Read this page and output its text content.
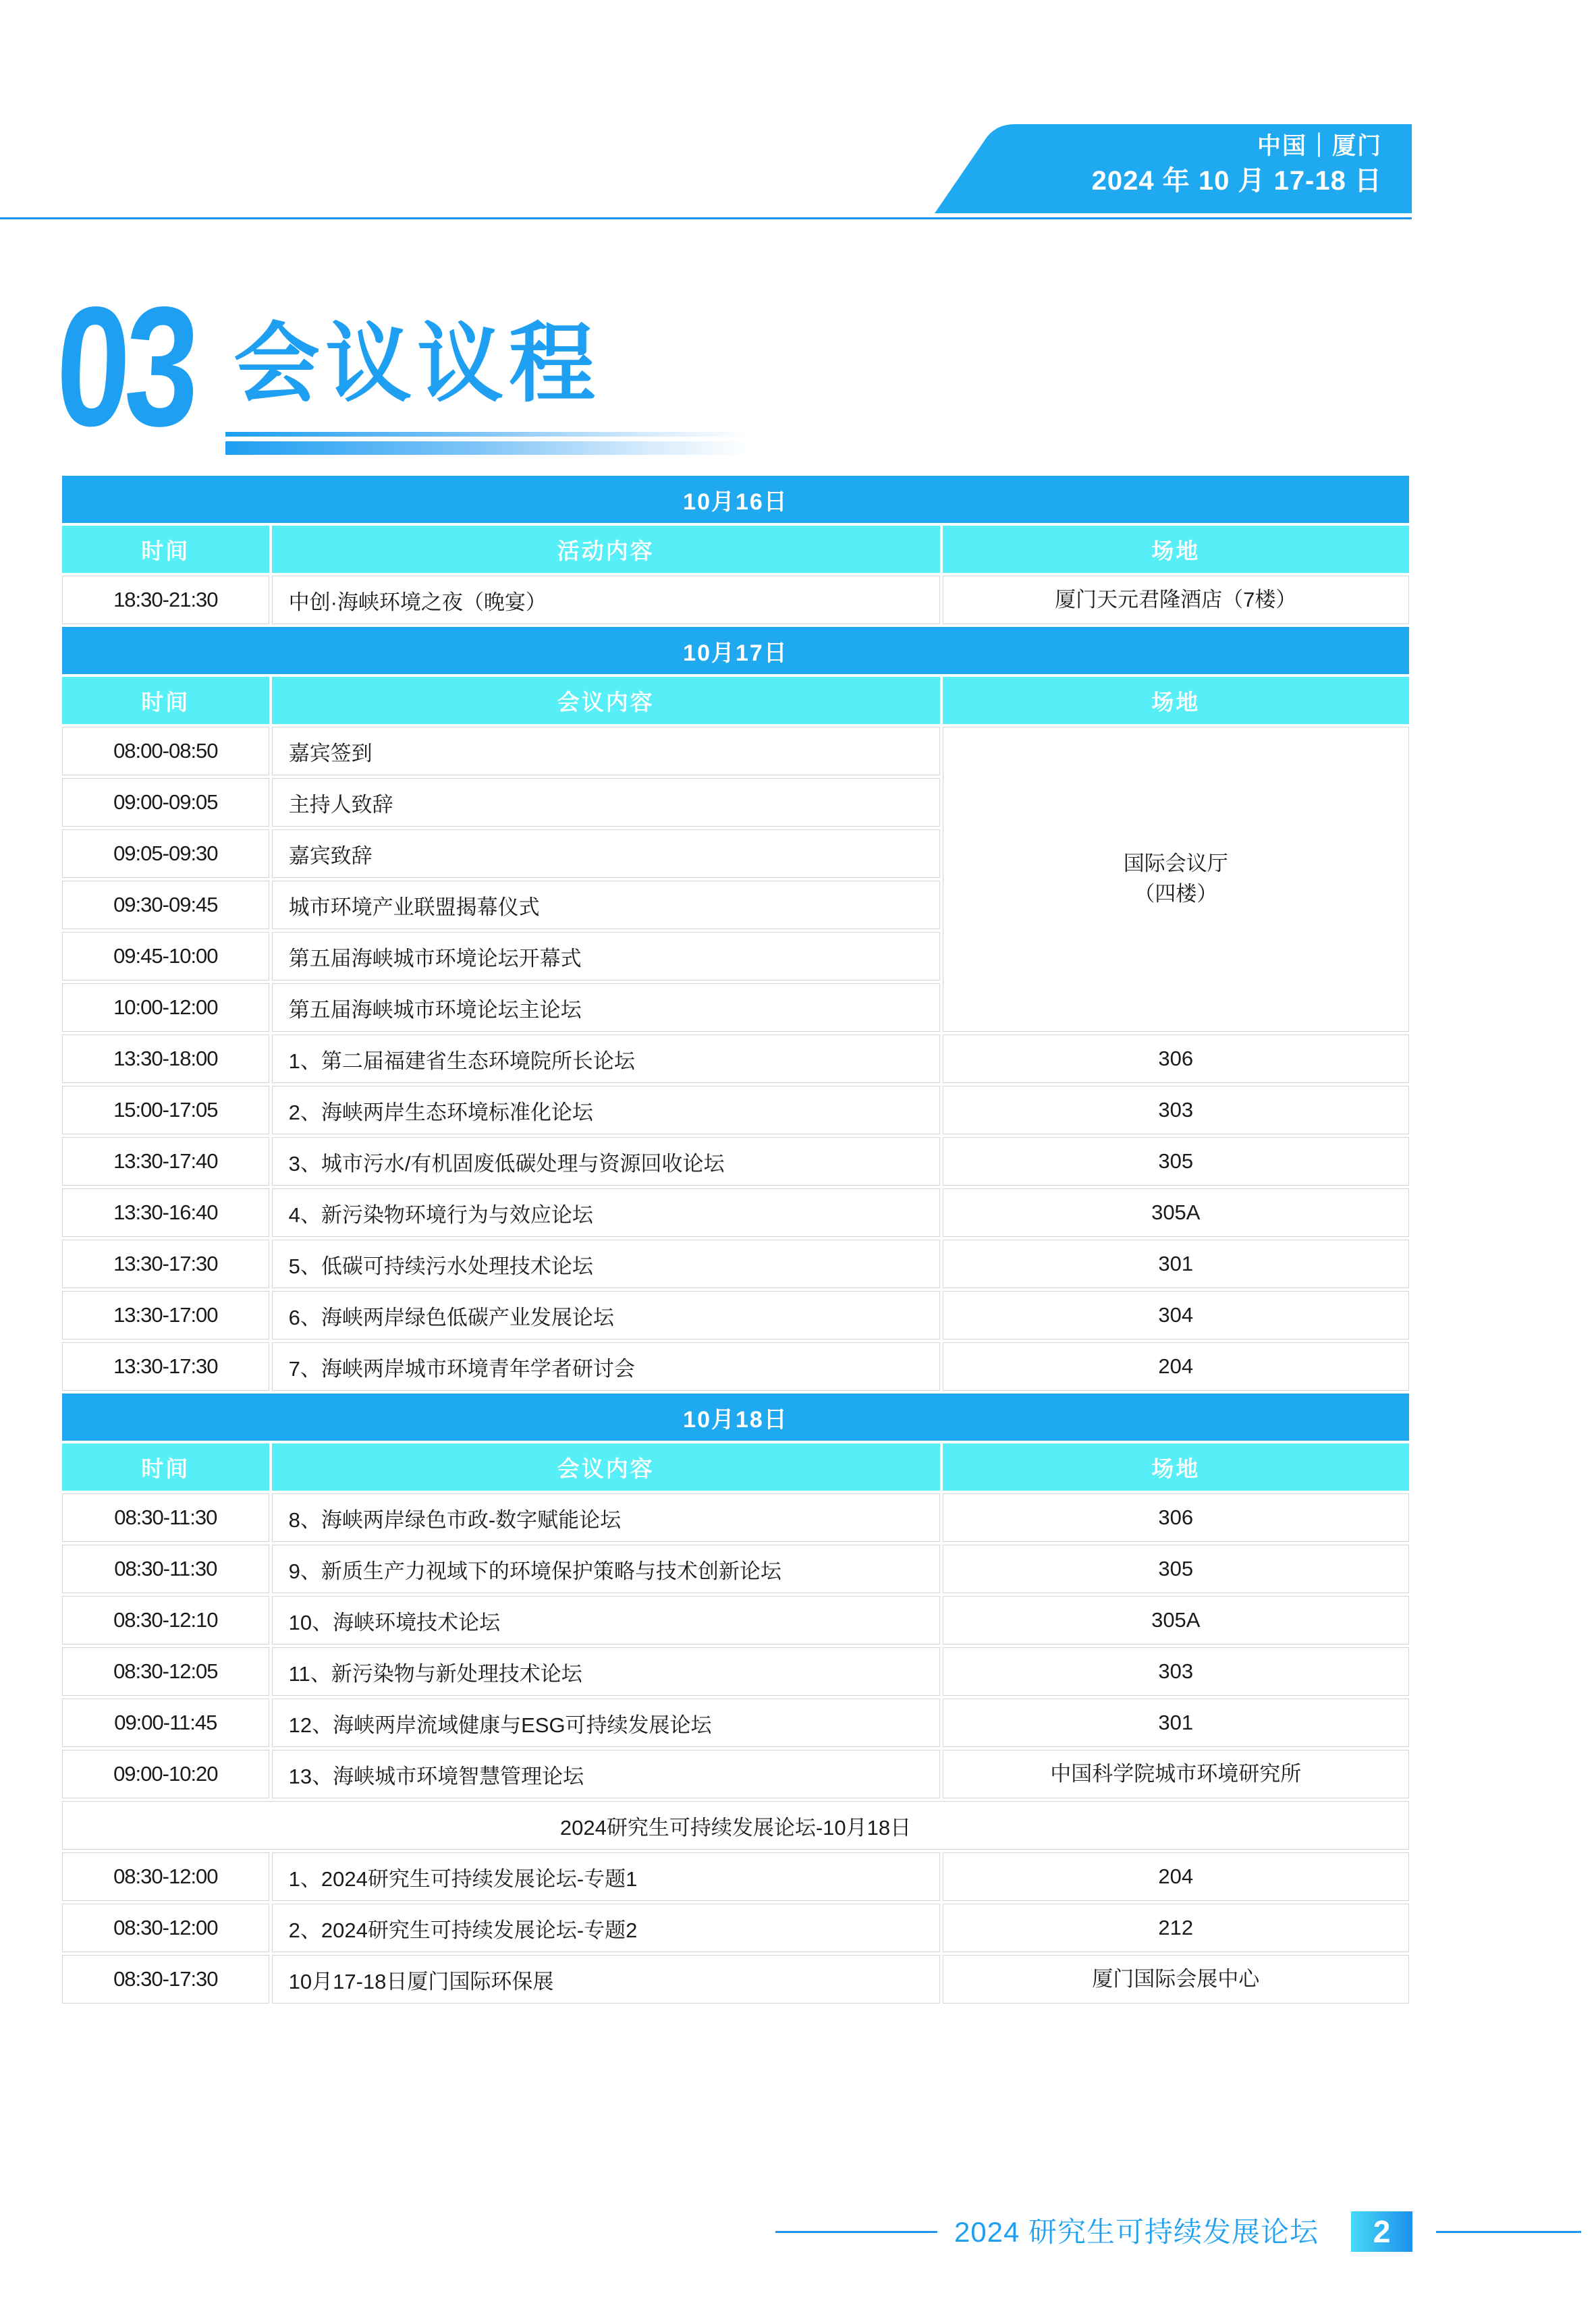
中国｜厦门
2024 年 10 月 17-18 日
03 会议议程
10月16日		
时间	活动内容	场地
18:30-21:30	中创·海峡环境之夜（晚宴）	厦门天元君隆酒店（7楼）
10月17日		
时间	会议内容	场地
08:00-08:50	嘉宾签到	国际会议厅
（四楼）
09:00-09:05	主持人致辞	
09:05-09:30	嘉宾致辞	
09:30-09:45	城市环境产业联盟揭幕仪式	
09:45-10:00	第五届海峡城市环境论坛开幕式	
10:00-12:00	第五届海峡城市环境论坛主论坛	
13:30-18:00	1、第二届福建省生态环境院所长论坛	306
15:00-17:05	2、海峡两岸生态环境标准化论坛	303
13:30-17:40	3、城市污水/有机固废低碳处理与资源回收论坛	305
13:30-16:40	4、新污染物环境行为与效应论坛	305A
13:30-17:30	5、低碳可持续污水处理技术论坛	301
13:30-17:00	6、海峡两岸绿色低碳产业发展论坛	304
13:30-17:30	7、海峡两岸城市环境青年学者研讨会	204
10月18日		
时间	会议内容	场地
08:30-11:30	8、海峡两岸绿色市政-数字赋能论坛	306
08:30-11:30	9、新质生产力视域下的环境保护策略与技术创新论坛	305
08:30-12:10	10、海峡环境技术论坛	305A
08:30-12:05	11、新污染物与新处理技术论坛	303
09:00-11:45	12、海峡两岸流域健康与ESG可持续发展论坛	301
09:00-10:20	13、海峡城市环境智慧管理论坛	中国科学院城市环境研究所
2024研究生可持续发展论坛-10月18日		
08:30-12:00	1、2024研究生可持续发展论坛-专题1	204
08:30-12:00	2、2024研究生可持续发展论坛-专题2	212
08:30-17:30	10月17-18日厦门国际环保展	厦门国际会展中心
2024 研究生可持续发展论坛	2
